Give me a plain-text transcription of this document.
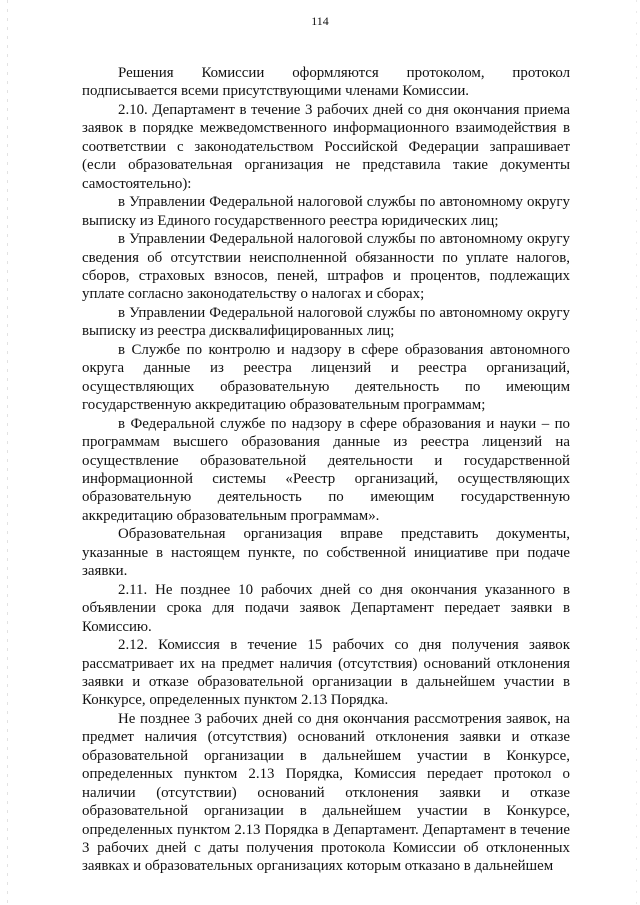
114

Решения Комиссии оформляются протоколом, протокол подписывается всеми присутствующими членами Комиссии.

2.10. Департамент в течение 3 рабочих дней со дня окончания приема заявок в порядке межведомственного информационного взаимодействия в соответствии с законодательством Российской Федерации запрашивает (если образовательная организация не представила такие документы самостоятельно):

в Управлении Федеральной налоговой службы по автономному округу выписку из Единого государственного реестра юридических лиц;

в Управлении Федеральной налоговой службы по автономному округу сведения об отсутствии неисполненной обязанности по уплате налогов, сборов, страховых взносов, пеней, штрафов и процентов, подлежащих уплате согласно законодательству о налогах и сборах;

в Управлении Федеральной налоговой службы по автономному округу выписку из реестра дисквалифицированных лиц;

в Службе по контролю и надзору в сфере образования автономного округа данные из реестра лицензий и реестра организаций, осуществляющих образовательную деятельность по имеющим государственную аккредитацию образовательным программам;

в Федеральной службе по надзору в сфере образования и науки – по программам высшего образования данные из реестра лицензий на осуществление образовательной деятельности и государственной информационной системы «Реестр организаций, осуществляющих образовательную деятельность по имеющим государственную аккредитацию образовательным программам».

Образовательная организация вправе представить документы, указанные в настоящем пункте, по собственной инициативе при подаче заявки.

2.11. Не позднее 10 рабочих дней со дня окончания указанного в объявлении срока для подачи заявок Департамент передает заявки в Комиссию.

2.12. Комиссия в течение 15 рабочих со дня получения заявок рассматривает их на предмет наличия (отсутствия) оснований отклонения заявки и отказе образовательной организации в дальнейшем участии в Конкурсе, определенных пунктом 2.13 Порядка.

Не позднее 3 рабочих дней со дня окончания рассмотрения заявок, на предмет наличия (отсутствия) оснований отклонения заявки и отказе образовательной организации в дальнейшем участии в Конкурсе, определенных пунктом 2.13 Порядка, Комиссия передает протокол о наличии (отсутствии) оснований отклонения заявки и отказе образовательной организации в дальнейшем участии в Конкурсе, определенных пунктом 2.13 Порядка в Департамент. Департамент в течение 3 рабочих дней с даты получения протокола Комиссии об отклоненных заявках и образовательных организациях которым отказано в дальнейшем
